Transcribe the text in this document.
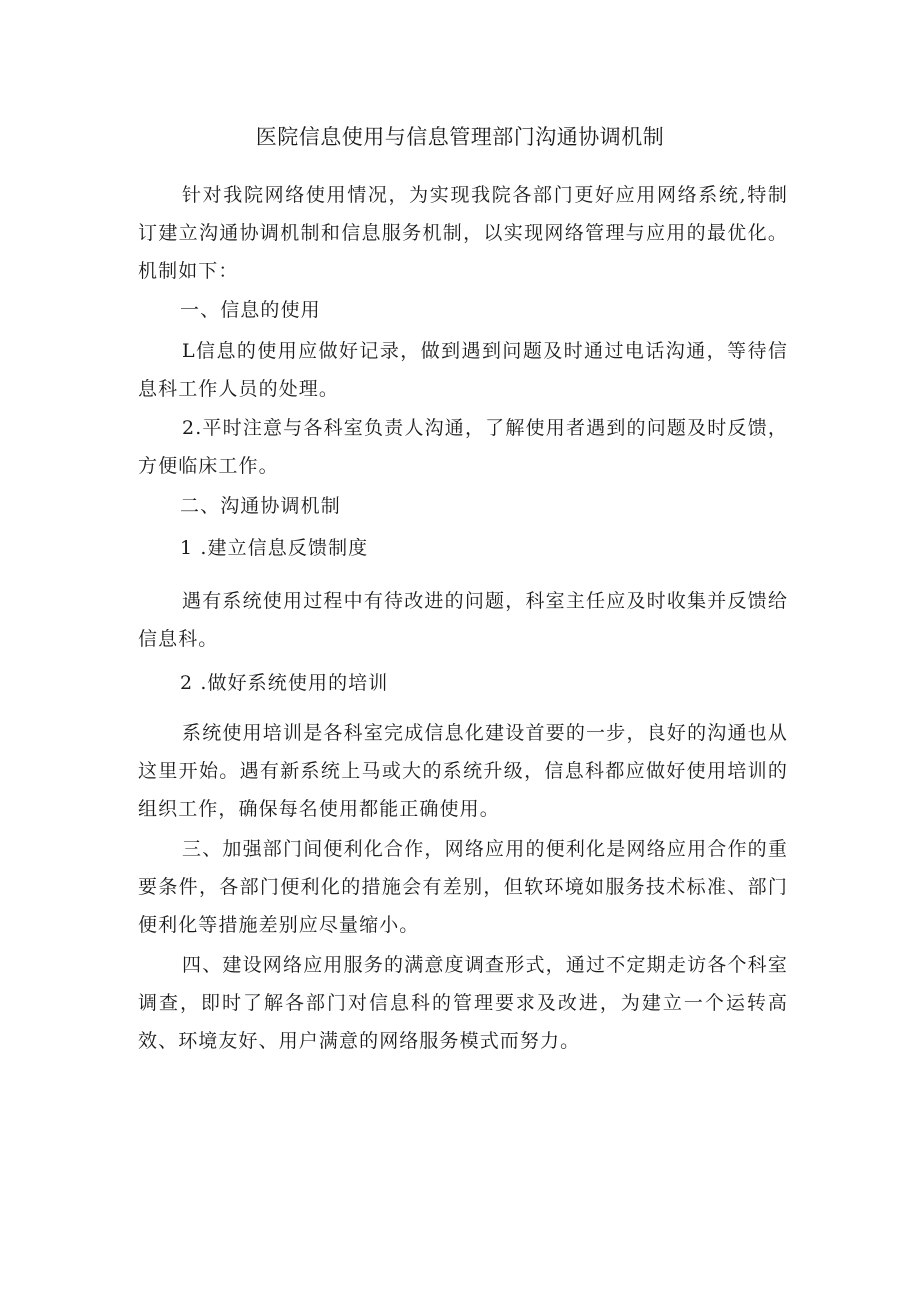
医院信息使用与信息管理部门沟通协调机制

针对我院网络使用情况，为实现我院各部门更好应用网络系统,特制订建立沟通协调机制和信息服务机制，以实现网络管理与应用的最优化。机制如下：

一、信息的使用

L信息的使用应做好记录，做到遇到问题及时通过电话沟通，等待信息科工作人员的处理。

2.平时注意与各科室负责人沟通，了解使用者遇到的问题及时反馈，方便临床工作。

二、沟通协调机制

1 .建立信息反馈制度

遇有系统使用过程中有待改进的问题，科室主任应及时收集并反馈给信息科。

2 .做好系统使用的培训

系统使用培训是各科室完成信息化建设首要的一步，良好的沟通也从这里开始。遇有新系统上马或大的系统升级，信息科都应做好使用培训的组织工作，确保每名使用都能正确使用。

三、加强部门间便利化合作，网络应用的便利化是网络应用合作的重要条件，各部门便利化的措施会有差别，但软环境如服务技术标准、部门便利化等措施差别应尽量缩小。

四、建设网络应用服务的满意度调查形式，通过不定期走访各个科室调查，即时了解各部门对信息科的管理要求及改进，为建立一个运转高效、环境友好、用户满意的网络服务模式而努力。
